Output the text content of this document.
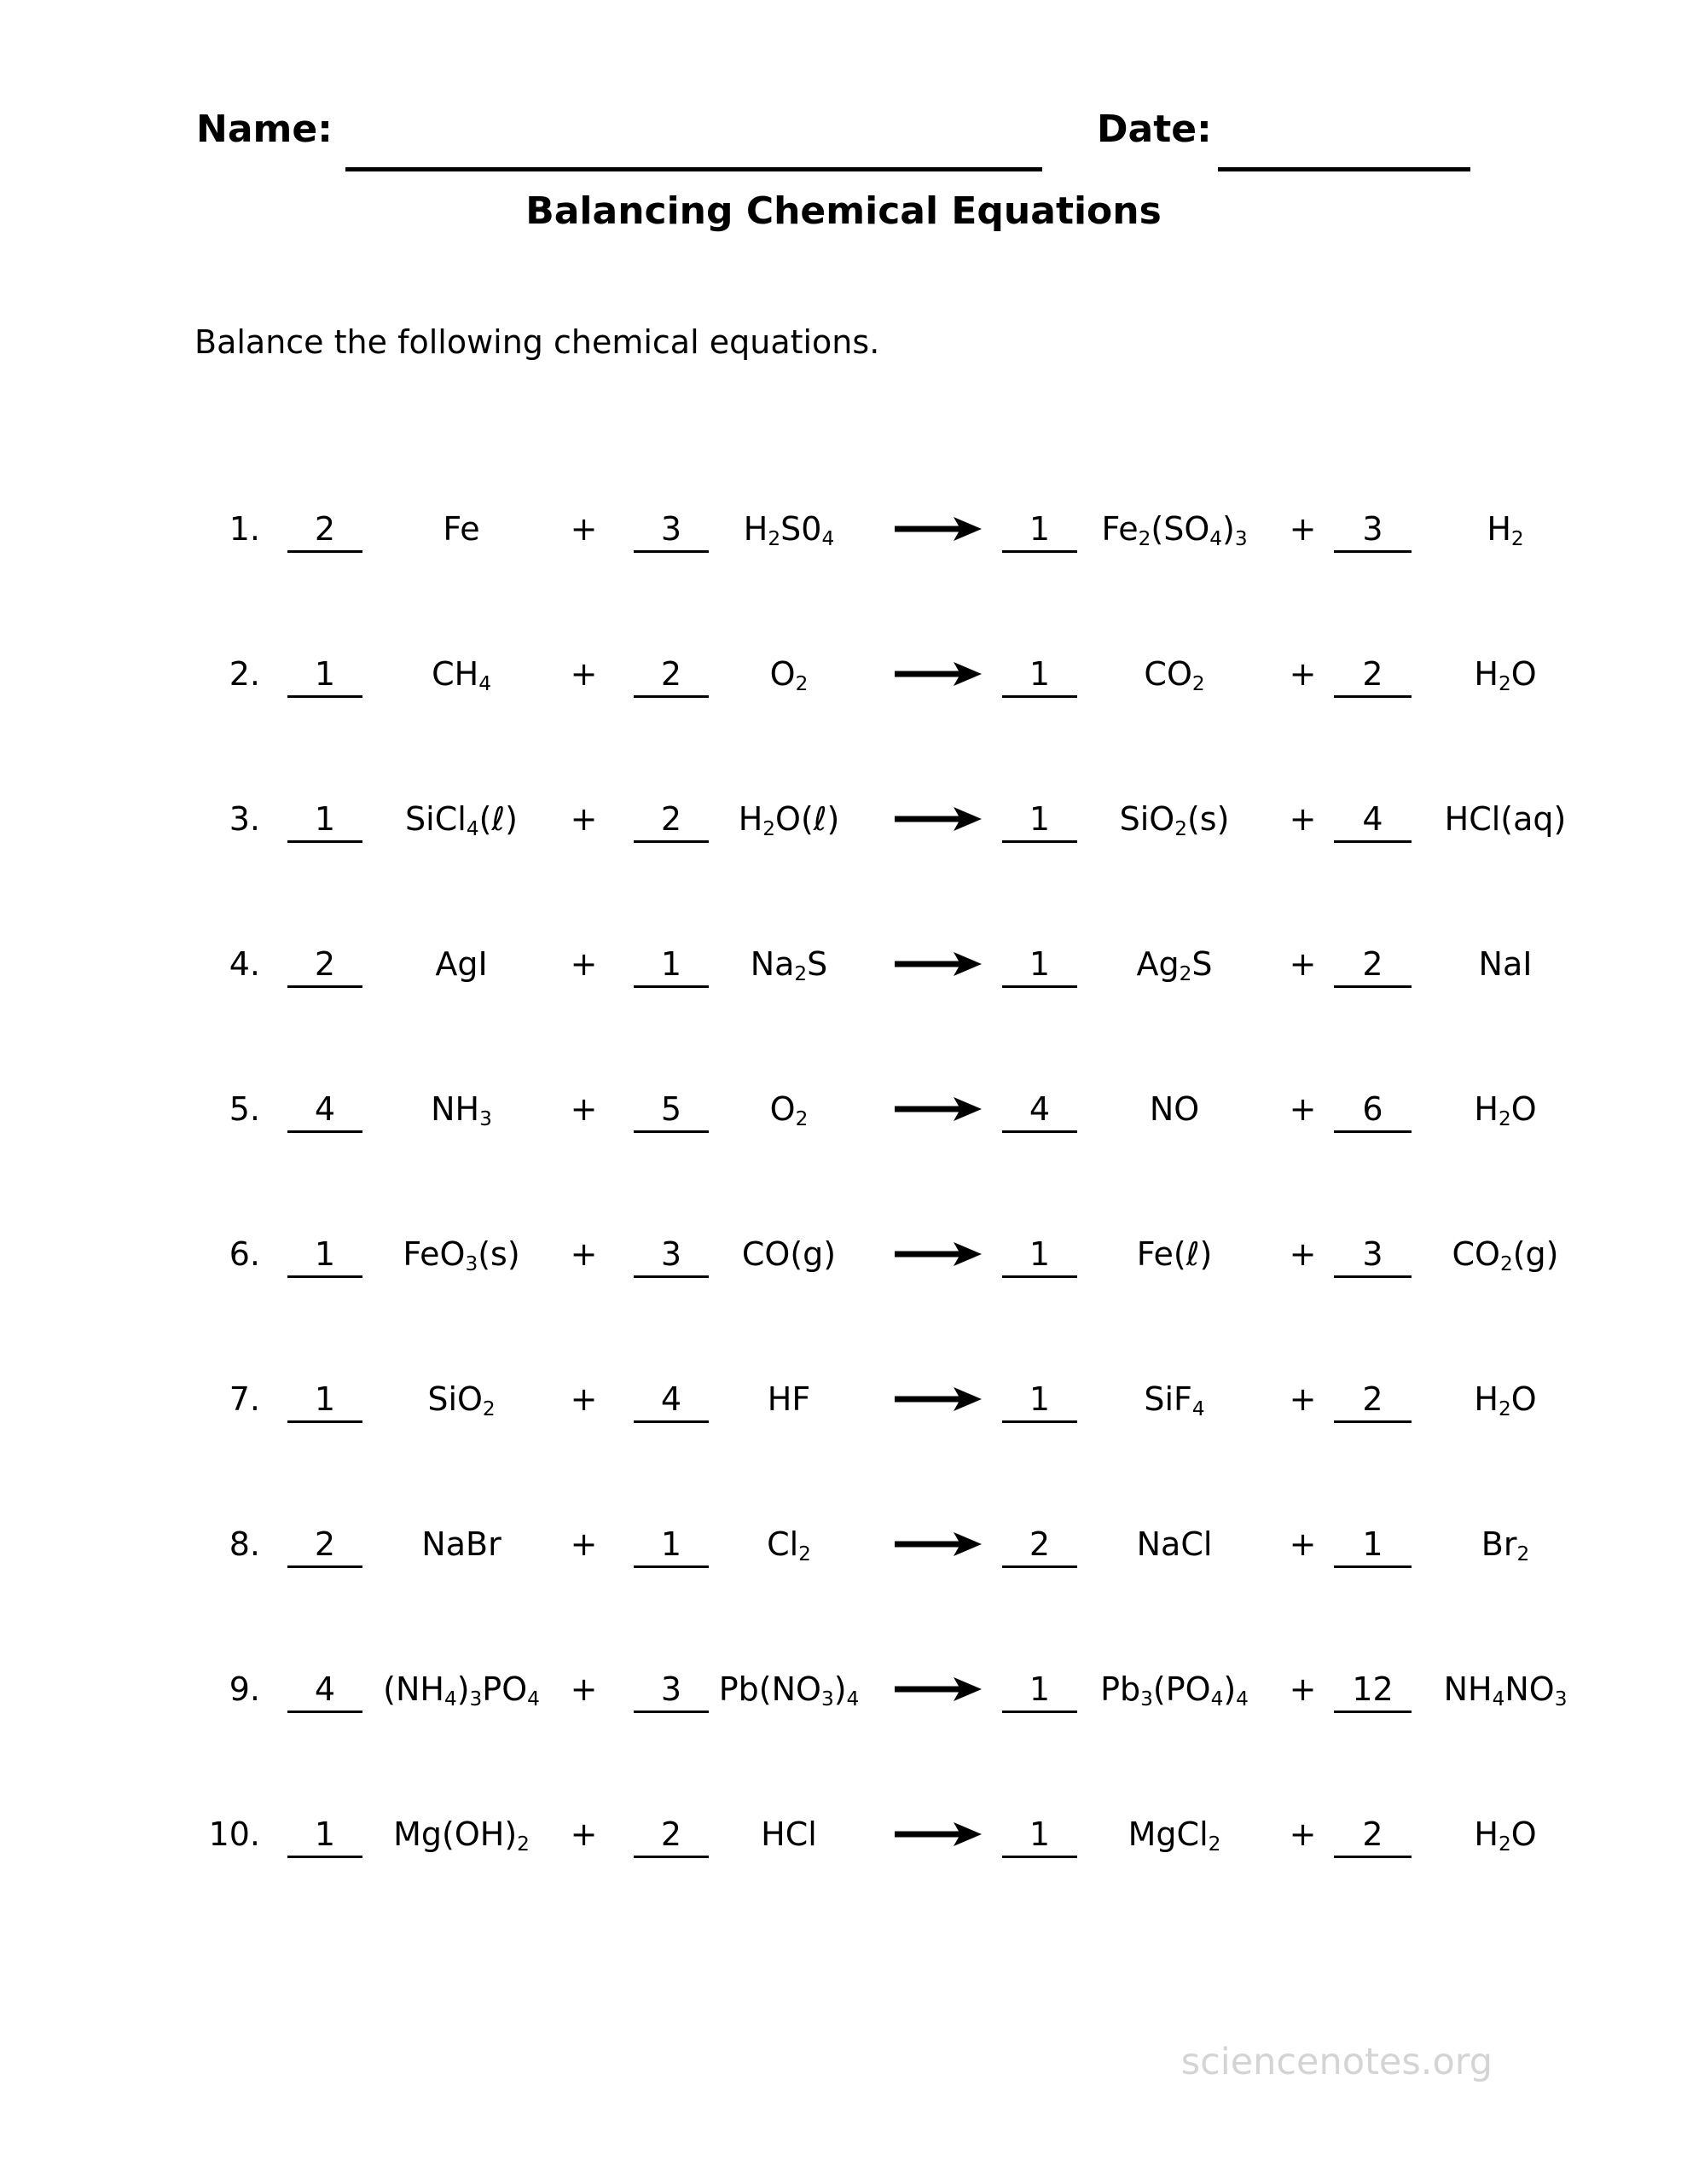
Name:	Date:
Balancing Chemical Equations
Balance the following chemical equations.
1.	2	Fe	+	3	$H_2S0_4$	1	$Fe_2(SO_4)_3$	+	3	$H_2$
2.	1	$CH_4$	+	2	$O_2$	1	$CO_2$	+	2	$H_2O$
3.	1	SiCl$_4$(ℓ)	+	2	$H_2O(\ell)$	1	SiO$_2$(s)	+	4	HCl(aq)
4.	2	AgI	+	1	$Na_2S$	1	$Ag_2S$	+	2	NaI
5.	4	$NH_3$	+	5	$O_2$	4	NO	+	6	$H_2O$
6.	1	FeO$_3$(s)	+	3	CO(g)	1	Fe(ℓ)	+	3	$CO_2(g)$
7.	1	SiO$_2$	+	4	HF	1	SiF$_4$	+	2	$H_2O$
8.	2	NaBr	+	1	$Cl_2$	2	NaCl	+	1	$Br_2$
9.	4	$(NH_4)_3PO_4$ +	3	$Pb(NO_3)_4$	1	$Pb_3(PO_4)_4$	+	12	$NH_4NO_3$
10.	1	$Mg(OH)_2$	+	2	HCl	1	MgCl$_2$	+	2	$H_2O$
sciencenotes.org
